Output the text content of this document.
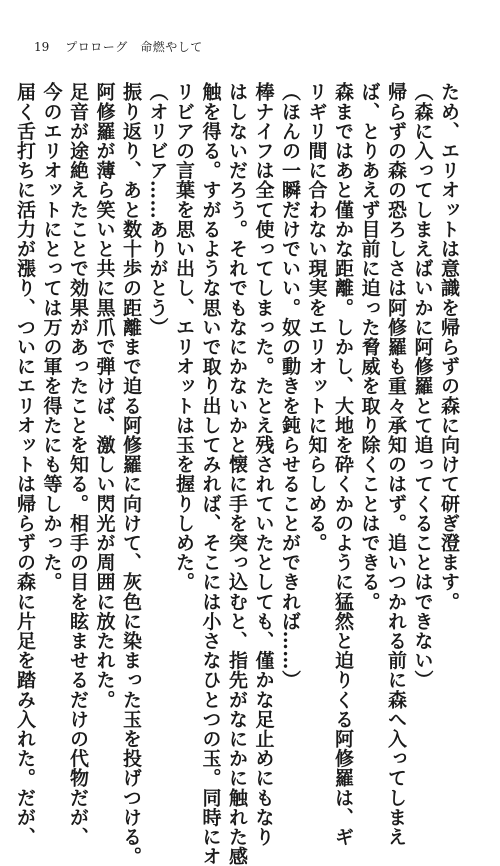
19 プロローグ　命燃やして

ため、エリオットは意識を帰らずの森に向けて研ぎ澄ます。

（森に入ってしまえばいかに阿修羅とて追ってくることはできない）

帰らずの森の恐ろしさは阿修羅も重々承知のはず。追いつかれる前に森へ入ってしまえ

ば、とりあえず目前に迫った脅威を取り除くことはできる。

森まではあと僅かな距離。しかし、大地を砕くかのように猛然と迫りくる阿修羅は、ギ

リギリ間に合わない現実をエリオットに知らしめる。

（ほんの一瞬だけでいい。奴の動きを鈍らせることができれば……）

棒ナイフは全て使ってしまった。たとえ残されていたとしても、僅かな足止めにもなり

はしないだろう。それでもなにかないかと懐に手を突っ込むと、指先がなにかに触れた感

触を得る。すがるような思いで取り出してみれば、そこには小さなひとつの玉。同時にオ

リビアの言葉を思い出し、エリオットは玉を握りしめた。

（オリビア……ありがとう）

振り返り、あと数十歩の距離まで迫る阿修羅に向けて、灰色に染まった玉を投げつける。

阿修羅が薄ら笑いと共に黒爪で弾けば、激しい閃光が周囲に放たれた。

足音が途絶えたことで効果があったことを知る。相手の目を眩ませるだけの代物だが、

今のエリオットにとっては万の軍を得たにも等しかった。

届く舌打ちに活力が漲り、ついにエリオットは帰らずの森に片足を踏み入れた。だが、
